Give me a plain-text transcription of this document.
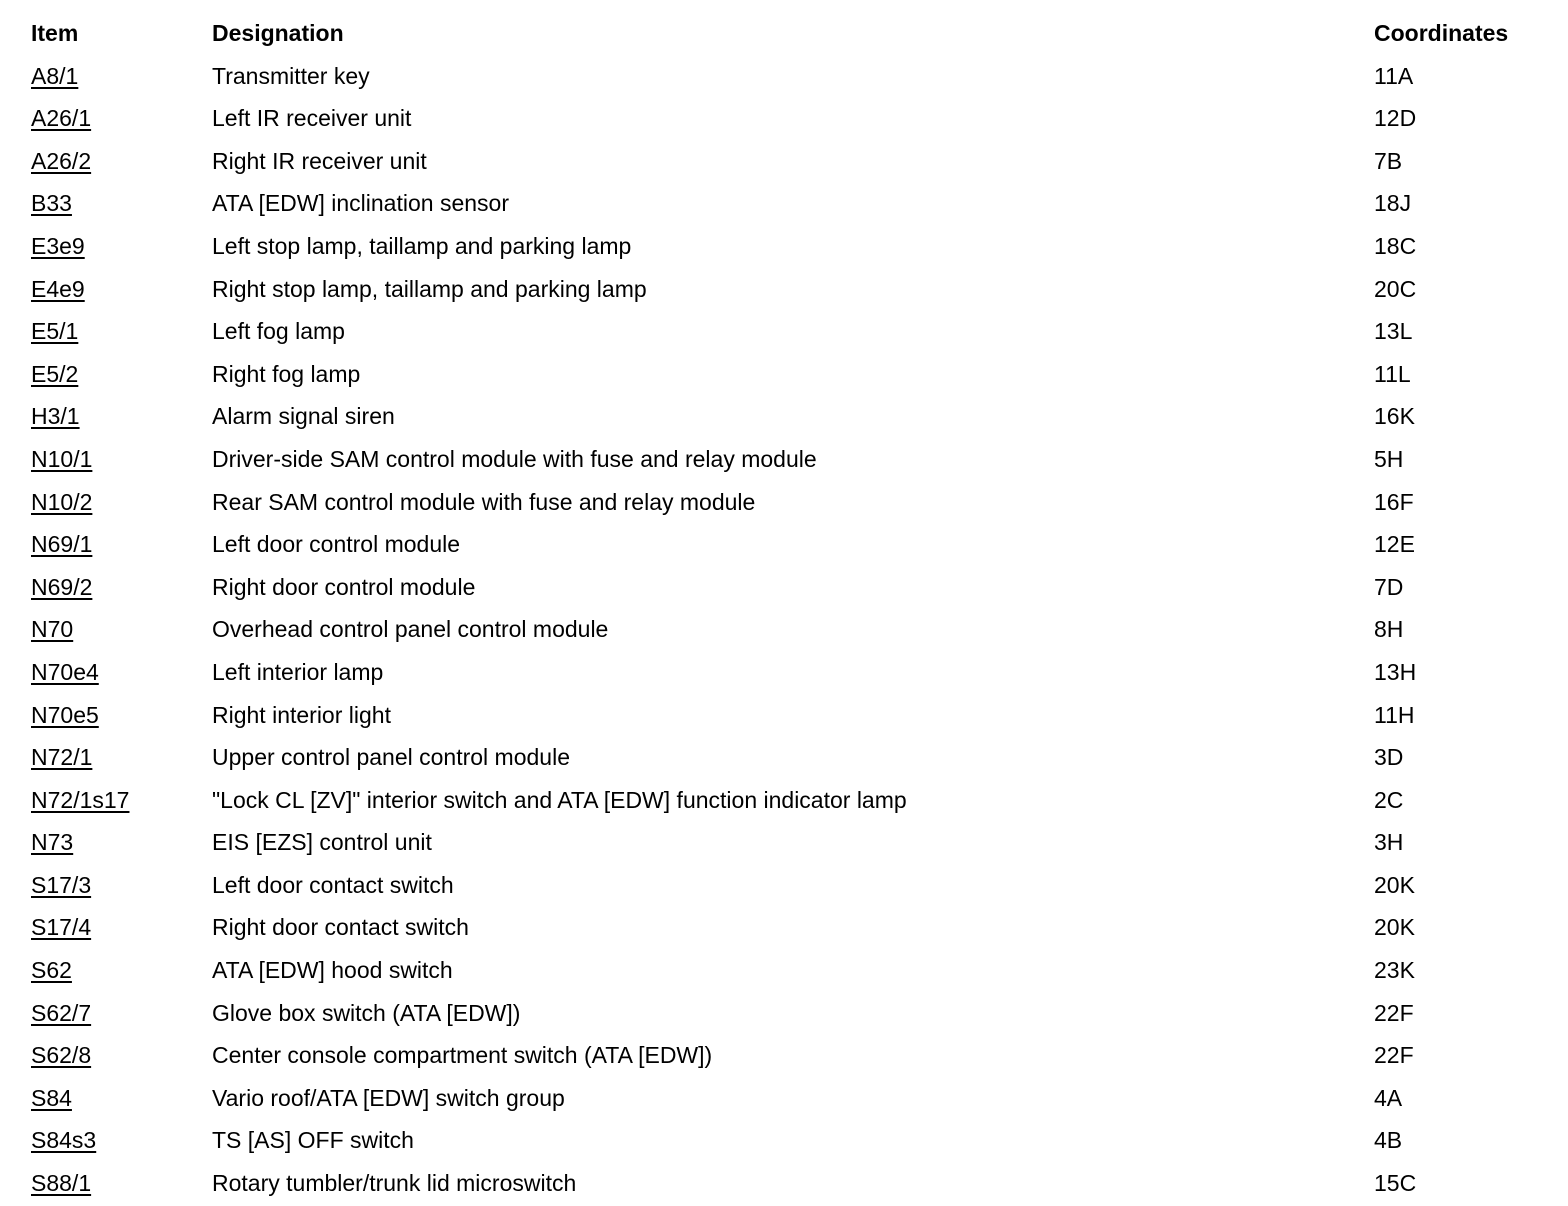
Item	Designation	Coordinates
A8/1	Transmitter key	11A
A26/1	Left IR receiver unit	12D
A26/2	Right IR receiver unit	7B
B33	ATA [EDW] inclination sensor	18J
E3e9	Left stop lamp, taillamp and parking lamp	18C
E4e9	Right stop lamp, taillamp and parking lamp	20C
E5/1	Left fog lamp	13L
E5/2	Right fog lamp	11L
H3/1	Alarm signal siren	16K
N10/1	Driver-side SAM control module with fuse and relay module	5H
N10/2	Rear SAM control module with fuse and relay module	16F
N69/1	Left door control module	12E
N69/2	Right door control module	7D
N70	Overhead control panel control module	8H
N70e4	Left interior lamp	13H
N70e5	Right interior light	11H
N72/1	Upper control panel control module	3D
N72/1s17	"Lock CL [ZV]" interior switch and ATA [EDW] function indicator lamp	2C
N73	EIS [EZS] control unit	3H
S17/3	Left door contact switch	20K
S17/4	Right door contact switch	20K
S62	ATA [EDW] hood switch	23K
S62/7	Glove box switch (ATA [EDW])	22F
S62/8	Center console compartment switch (ATA [EDW])	22F
S84	Vario roof/ATA [EDW] switch group	4A
S84s3	TS [AS] OFF switch	4B
S88/1	Rotary tumbler/trunk lid microswitch	15C
